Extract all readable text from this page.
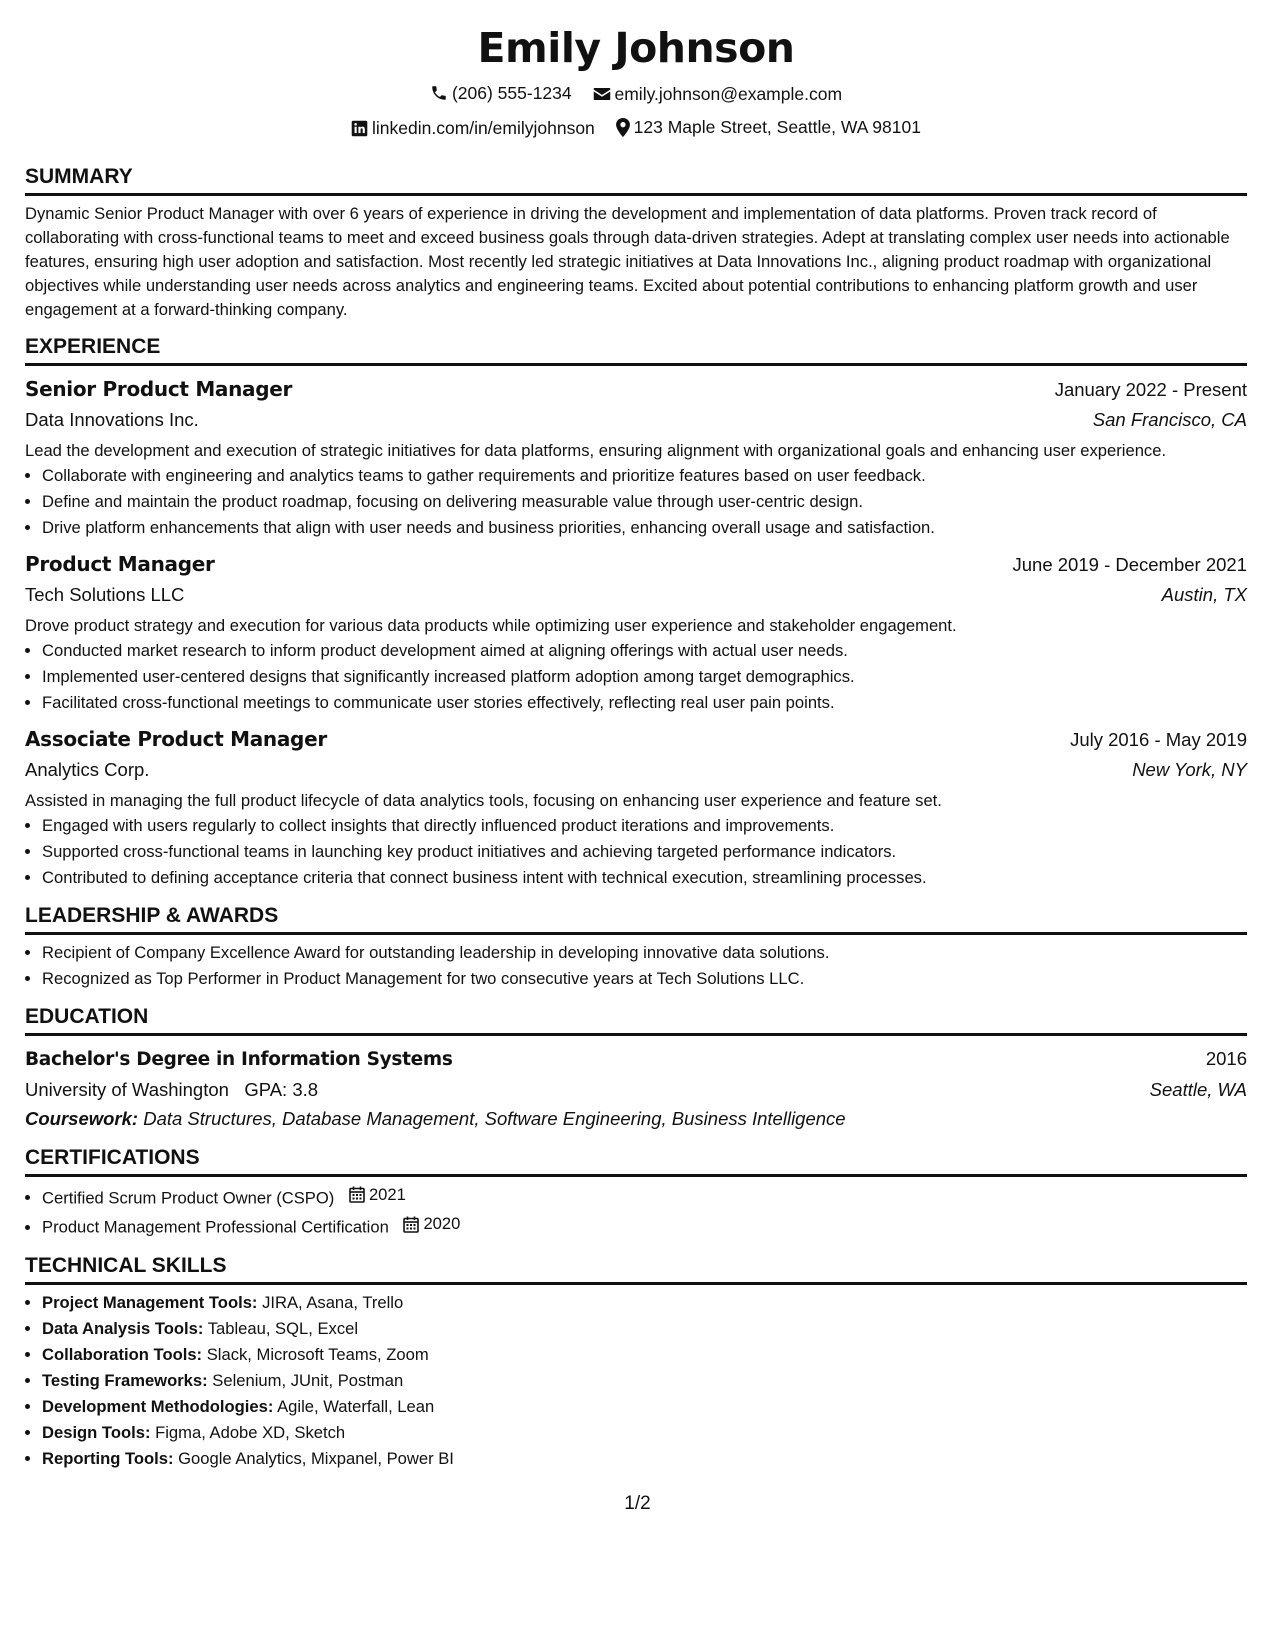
Emily Johnson
(206) 555-1234
emily.johnson@example.com
linkedin.com/in/emilyjohnson
123 Maple Street, Seattle, WA 98101
SUMMARY
Dynamic Senior Product Manager with over 6 years of experience in driving the development and implementation of data platforms. Proven track record of collaborating with cross-functional teams to meet and exceed business goals through data-driven strategies. Adept at translating complex user needs into actionable features, ensuring high user adoption and satisfaction. Most recently led strategic initiatives at Data Innovations Inc., aligning product roadmap with organizational objectives while understanding user needs across analytics and engineering teams. Excited about potential contributions to enhancing platform growth and user engagement at a forward-thinking company.
EXPERIENCE
Senior Product Manager	January 2022 - Present
Data Innovations Inc.	San Francisco, CA
Lead the development and execution of strategic initiatives for data platforms, ensuring alignment with organizational goals and enhancing user experience.
• Collaborate with engineering and analytics teams to gather requirements and prioritize features based on user feedback.
• Define and maintain the product roadmap, focusing on delivering measurable value through user-centric design.
• Drive platform enhancements that align with user needs and business priorities, enhancing overall usage and satisfaction.
Product Manager	June 2019 - December 2021
Tech Solutions LLC	Austin, TX
Drove product strategy and execution for various data products while optimizing user experience and stakeholder engagement.
• Conducted market research to inform product development aimed at aligning offerings with actual user needs.
• Implemented user-centered designs that significantly increased platform adoption among target demographics.
• Facilitated cross-functional meetings to communicate user stories effectively, reflecting real user pain points.
Associate Product Manager	July 2016 - May 2019
Analytics Corp.	New York, NY
Assisted in managing the full product lifecycle of data analytics tools, focusing on enhancing user experience and feature set.
• Engaged with users regularly to collect insights that directly influenced product iterations and improvements.
• Supported cross-functional teams in launching key product initiatives and achieving targeted performance indicators.
• Contributed to defining acceptance criteria that connect business intent with technical execution, streamlining processes.
LEADERSHIP & AWARDS
• Recipient of Company Excellence Award for outstanding leadership in developing innovative data solutions.
• Recognized as Top Performer in Product Management for two consecutive years at Tech Solutions LLC.
EDUCATION
Bachelor's Degree in Information Systems	2016
University of Washington GPA: 3.8	Seattle, WA
Coursework: Data Structures, Database Management, Software Engineering, Business Intelligence
CERTIFICATIONS
• Certified Scrum Product Owner (CSPO) 2021
• Product Management Professional Certification 2020
TECHNICAL SKILLS
• Project Management Tools: JIRA, Asana, Trello
• Data Analysis Tools: Tableau, SQL, Excel
• Collaboration Tools: Slack, Microsoft Teams, Zoom
• Testing Frameworks: Selenium, JUnit, Postman
• Development Methodologies: Agile, Waterfall, Lean
• Design Tools: Figma, Adobe XD, Sketch
• Reporting Tools: Google Analytics, Mixpanel, Power BI
1/2
